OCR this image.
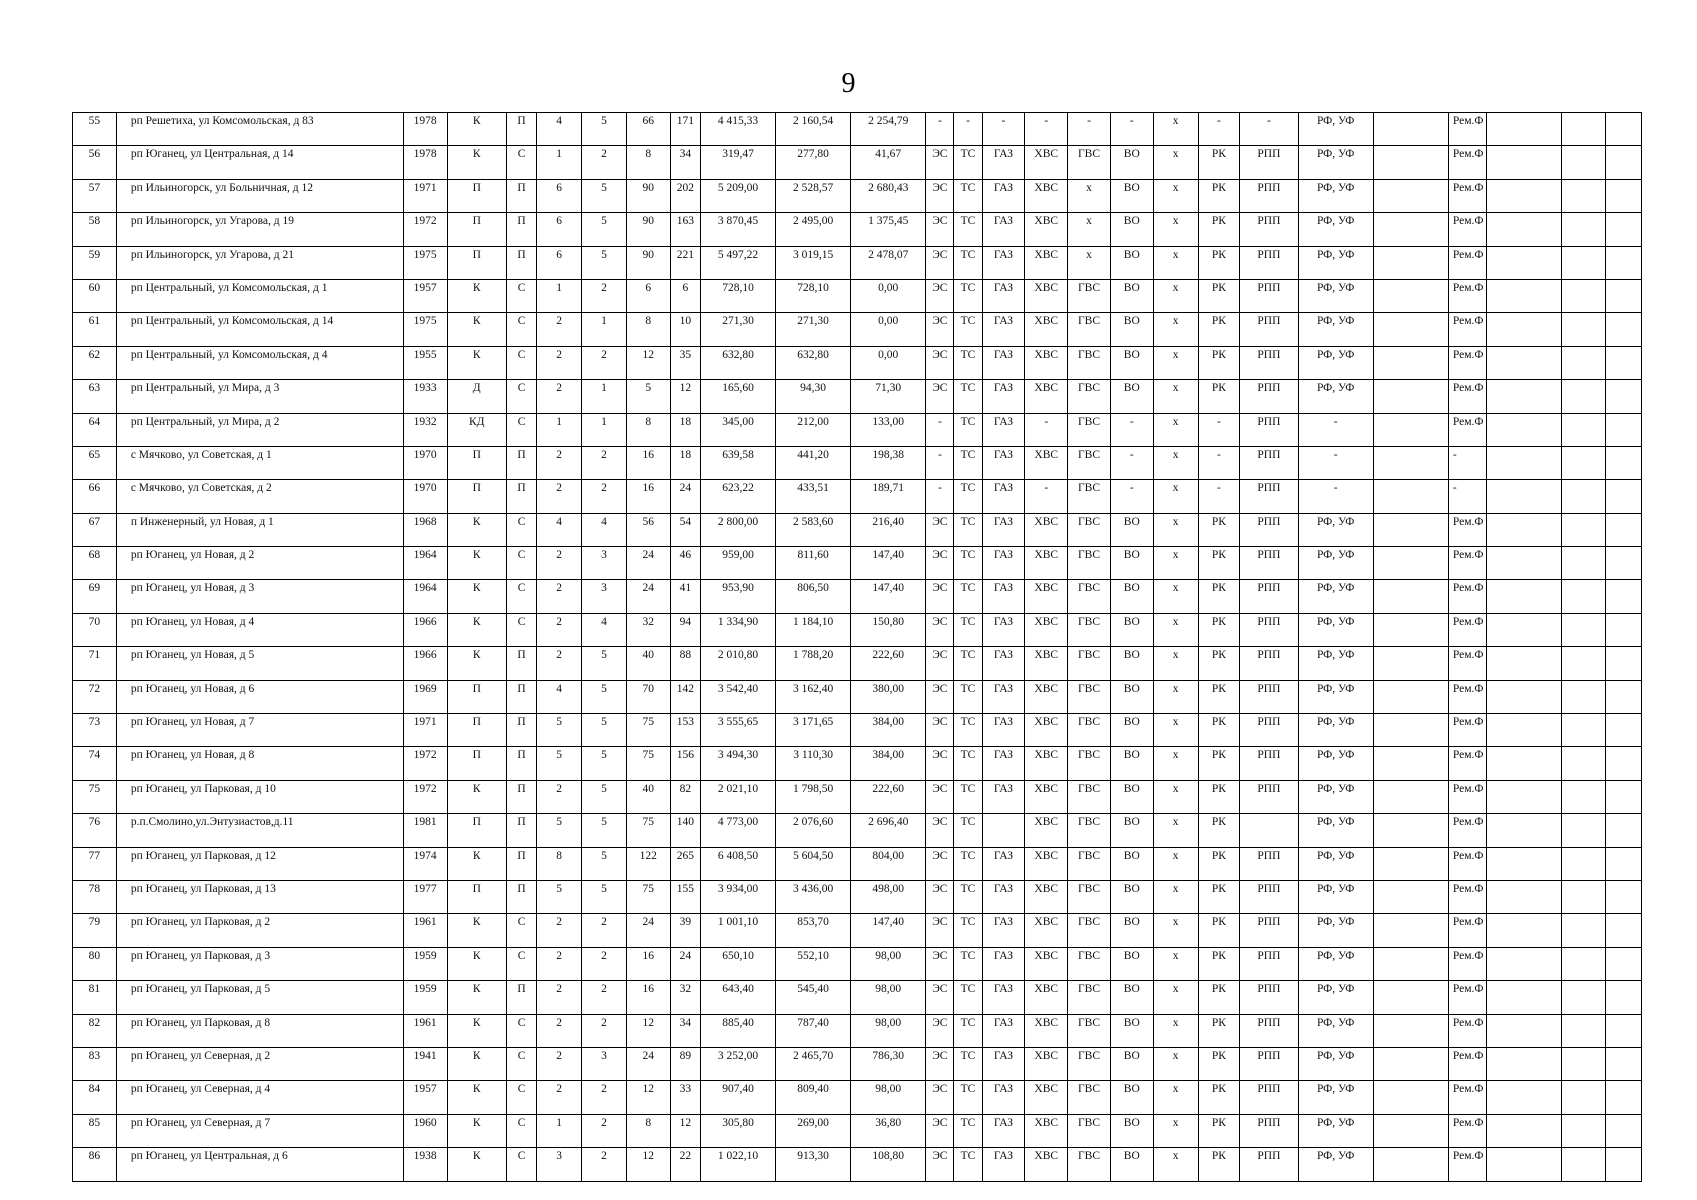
9
55	рп Решетиха, ул Комсомольская, д 83	1978	К	П	4	5	66	171	4 415,33	2 160,54	2 254,79	-	-	-	-	-	-	х	-	-	РФ, УФ		Рем.Ф			
56	рп Юганец, ул Центральная, д 14	1978	К	С	1	2	8	34	319,47	277,80	41,67	ЭС	ТС	ГАЗ	ХВС	ГВС	ВО	х	РК	РПП	РФ, УФ		Рем.Ф			
57	рп Ильиногорск, ул Больничная, д 12	1971	П	П	6	5	90	202	5 209,00	2 528,57	2 680,43	ЭС	ТС	ГАЗ	ХВС	х	ВО	х	РК	РПП	РФ, УФ		Рем.Ф			
58	рп Ильиногорск, ул Угарова, д 19	1972	П	П	6	5	90	163	3 870,45	2 495,00	1 375,45	ЭС	ТС	ГАЗ	ХВС	х	ВО	х	РК	РПП	РФ, УФ		Рем.Ф			
59	рп Ильиногорск, ул Угарова, д 21	1975	П	П	6	5	90	221	5 497,22	3 019,15	2 478,07	ЭС	ТС	ГАЗ	ХВС	х	ВО	х	РК	РПП	РФ, УФ		Рем.Ф			
60	рп Центральный, ул Комсомольская, д 1	1957	К	С	1	2	6	6	728,10	728,10	0,00	ЭС	ТС	ГАЗ	ХВС	ГВС	ВО	х	РК	РПП	РФ, УФ		Рем.Ф			
61	рп Центральный, ул Комсомольская, д 14	1975	К	С	2	1	8	10	271,30	271,30	0,00	ЭС	ТС	ГАЗ	ХВС	ГВС	ВО	х	РК	РПП	РФ, УФ		Рем.Ф			
62	рп Центральный, ул Комсомольская, д 4	1955	К	С	2	2	12	35	632,80	632,80	0,00	ЭС	ТС	ГАЗ	ХВС	ГВС	ВО	х	РК	РПП	РФ, УФ		Рем.Ф			
63	рп Центральный, ул Мира, д 3	1933	Д	С	2	1	5	12	165,60	94,30	71,30	ЭС	ТС	ГАЗ	ХВС	ГВС	ВО	х	РК	РПП	РФ, УФ		Рем.Ф			
64	рп Центральный, ул Мира, д 2	1932	КД	С	1	1	8	18	345,00	212,00	133,00	-	ТС	ГАЗ	-	ГВС	-	х	-	РПП	-		Рем.Ф			
65	с Мячково, ул Советская, д 1	1970	П	П	2	2	16	18	639,58	441,20	198,38	-	ТС	ГАЗ	ХВС	ГВС	-	х	-	РПП	-		-			
66	с Мячково, ул Советская, д 2	1970	П	П	2	2	16	24	623,22	433,51	189,71	-	ТС	ГАЗ	-	ГВС	-	х	-	РПП	-		-			
67	п Инженерный, ул Новая, д 1	1968	К	С	4	4	56	54	2 800,00	2 583,60	216,40	ЭС	ТС	ГАЗ	ХВС	ГВС	ВО	х	РК	РПП	РФ, УФ		Рем.Ф			
68	рп Юганец, ул Новая, д 2	1964	К	С	2	3	24	46	959,00	811,60	147,40	ЭС	ТС	ГАЗ	ХВС	ГВС	ВО	х	РК	РПП	РФ, УФ		Рем.Ф			
69	рп Юганец, ул Новая, д 3	1964	К	С	2	3	24	41	953,90	806,50	147,40	ЭС	ТС	ГАЗ	ХВС	ГВС	ВО	х	РК	РПП	РФ, УФ		Рем.Ф			
70	рп Юганец, ул Новая, д 4	1966	К	С	2	4	32	94	1 334,90	1 184,10	150,80	ЭС	ТС	ГАЗ	ХВС	ГВС	ВО	х	РК	РПП	РФ, УФ		Рем.Ф			
71	рп Юганец, ул Новая, д 5	1966	К	П	2	5	40	88	2 010,80	1 788,20	222,60	ЭС	ТС	ГАЗ	ХВС	ГВС	ВО	х	РК	РПП	РФ, УФ		Рем.Ф			
72	рп Юганец, ул Новая, д 6	1969	П	П	4	5	70	142	3 542,40	3 162,40	380,00	ЭС	ТС	ГАЗ	ХВС	ГВС	ВО	х	РК	РПП	РФ, УФ		Рем.Ф			
73	рп Юганец, ул Новая, д 7	1971	П	П	5	5	75	153	3 555,65	3 171,65	384,00	ЭС	ТС	ГАЗ	ХВС	ГВС	ВО	х	РК	РПП	РФ, УФ		Рем.Ф			
74	рп Юганец, ул Новая, д 8	1972	П	П	5	5	75	156	3 494,30	3 110,30	384,00	ЭС	ТС	ГАЗ	ХВС	ГВС	ВО	х	РК	РПП	РФ, УФ		Рем.Ф			
75	рп Юганец, ул Парковая, д 10	1972	К	П	2	5	40	82	2 021,10	1 798,50	222,60	ЭС	ТС	ГАЗ	ХВС	ГВС	ВО	х	РК	РПП	РФ, УФ		Рем.Ф			
76	р.п.Смолино,ул.Энтузиастов,д.11	1981	П	П	5	5	75	140	4 773,00	2 076,60	2 696,40	ЭС	ТС		ХВС	ГВС	ВО	х	РК		РФ, УФ		Рем.Ф			
77	рп Юганец, ул Парковая, д 12	1974	К	П	8	5	122	265	6 408,50	5 604,50	804,00	ЭС	ТС	ГАЗ	ХВС	ГВС	ВО	х	РК	РПП	РФ, УФ		Рем.Ф			
78	рп Юганец, ул Парковая, д 13	1977	П	П	5	5	75	155	3 934,00	3 436,00	498,00	ЭС	ТС	ГАЗ	ХВС	ГВС	ВО	х	РК	РПП	РФ, УФ		Рем.Ф			
79	рп Юганец, ул Парковая, д 2	1961	К	С	2	2	24	39	1 001,10	853,70	147,40	ЭС	ТС	ГАЗ	ХВС	ГВС	ВО	х	РК	РПП	РФ, УФ		Рем.Ф			
80	рп Юганец, ул Парковая, д 3	1959	К	С	2	2	16	24	650,10	552,10	98,00	ЭС	ТС	ГАЗ	ХВС	ГВС	ВО	х	РК	РПП	РФ, УФ		Рем.Ф			
81	рп Юганец, ул Парковая, д 5	1959	К	П	2	2	16	32	643,40	545,40	98,00	ЭС	ТС	ГАЗ	ХВС	ГВС	ВО	х	РК	РПП	РФ, УФ		Рем.Ф			
82	рп Юганец, ул Парковая, д 8	1961	К	С	2	2	12	34	885,40	787,40	98,00	ЭС	ТС	ГАЗ	ХВС	ГВС	ВО	х	РК	РПП	РФ, УФ		Рем.Ф			
83	рп Юганец, ул Северная, д 2	1941	К	С	2	3	24	89	3 252,00	2 465,70	786,30	ЭС	ТС	ГАЗ	ХВС	ГВС	ВО	х	РК	РПП	РФ, УФ		Рем.Ф			
84	рп Юганец, ул Северная, д 4	1957	К	С	2	2	12	33	907,40	809,40	98,00	ЭС	ТС	ГАЗ	ХВС	ГВС	ВО	х	РК	РПП	РФ, УФ		Рем.Ф			
85	рп Юганец, ул Северная, д 7	1960	К	С	1	2	8	12	305,80	269,00	36,80	ЭС	ТС	ГАЗ	ХВС	ГВС	ВО	х	РК	РПП	РФ, УФ		Рем.Ф			
86	рп Юганец, ул Центральная, д 6	1938	К	С	3	2	12	22	1 022,10	913,30	108,80	ЭС	ТС	ГАЗ	ХВС	ГВС	ВО	х	РК	РПП	РФ, УФ		Рем.Ф			
